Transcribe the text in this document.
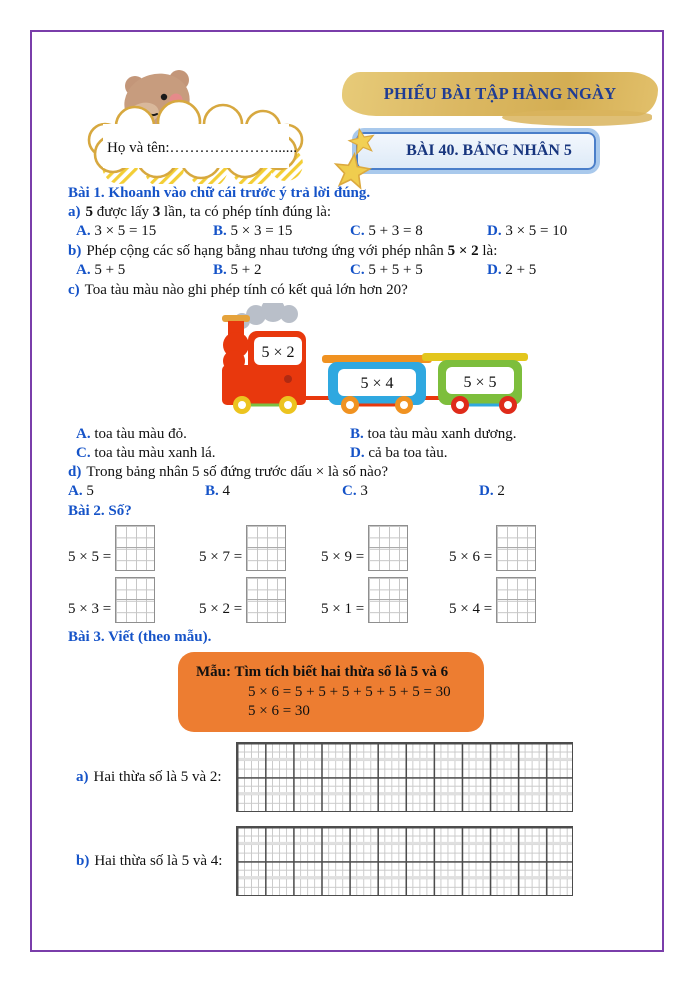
Họ và tên:…………………......
PHIẾU BÀI TẬP HÀNG NGÀY
BÀI 40. BẢNG NHÂN 5
Bài 1. Khoanh vào chữ cái trước ý trả lời đúng.

a) 5 được lấy 3 lần, ta có phép tính đúng là:

A. 3 × 5 = 15	B. 5 × 3 = 15	C. 5 + 3 = 8	D. 3 × 5 = 10

b) Phép cộng các số hạng bằng nhau tương ứng với phép nhân 5 × 2 là:

A. 5 + 5	B. 5 + 2	C. 5 + 5 + 5	D. 2 + 5

c) Toa tàu màu nào ghi phép tính có kết quả lớn hơn 20?

5 × 2
5 × 4	5 × 5
A. toa tàu màu đỏ.	B. toa tàu màu xanh dương.
C. toa tàu màu xanh lá.	D. cả ba toa tàu.

d) Trong bảng nhân 5 số đứng trước dấu × là số nào?

A. 5	B. 4	C. 3	D. 2
Bài 2. Số?
5 × 5 =	5 × 7 =	5 × 9 =	5 × 6 =
5 × 3 =	5 × 2 =	5 × 1 =	5 × 4 =
Bài 3. Viết (theo mẫu).
Mẫu: Tìm tích biết hai thừa số là 5 và 6
5 × 6 = 5 + 5 + 5 + 5 + 5 + 5 = 30
5 × 6 = 30
a) Hai thừa số là 5 và 2:
b) Hai thừa số là 5 và 4:
